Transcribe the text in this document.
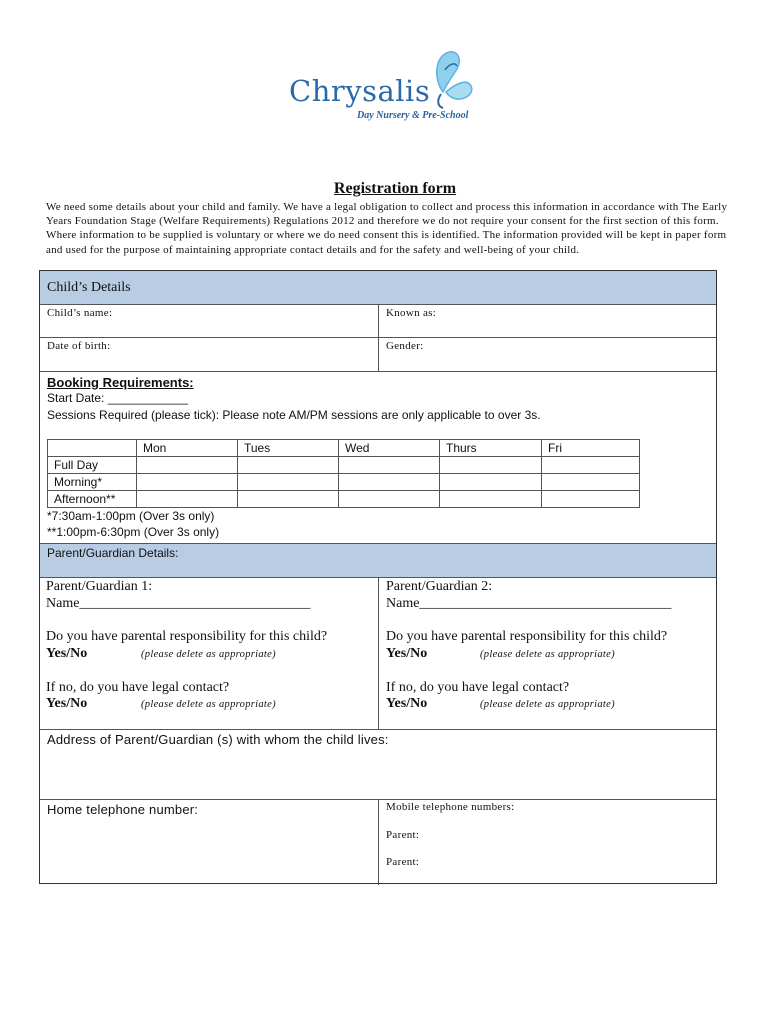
Chrysalis
Day Nursery & Pre-School
Registration form

We need some details about your child and family. We have a legal obligation to collect and process this information in accordance with The Early Years Foundation Stage (Welfare Requirements) Regulations 2012 and therefore we do not require your consent for the first section of this form. Where information to be supplied is voluntary or where we do need consent this is identified. The information provided will be kept in paper form and used for the purpose of maintaining appropriate contact details and for the safety and well-being of your child.

Child’s Details
Child’s name:	Known as:
Date of birth:	Gender:
Booking Requirements:
Start Date: ____________
Sessions Required (please tick): Please note AM/PM sessions are only applicable to over 3s.
	Mon	Tues	Wed	Thurs	Fri
Full Day					
Morning*					
Afternoon**					
*7:30am-1:00pm (Over 3s only)
**1:00pm-6:30pm (Over 3s only)
Parent/Guardian Details:
Parent/Guardian 1:
Name_________________________________
Do you have parental responsibility for this child?
Yes/No	(please delete as appropriate)
If no, do you have legal contact?
Yes/No	(please delete as appropriate)
Parent/Guardian 2:
Name____________________________________
Do you have parental responsibility for this child?
Yes/No	(please delete as appropriate)
If no, do you have legal contact?
Yes/No	(please delete as appropriate)
Address of Parent/Guardian (s) with whom the child lives:
Home telephone number:	Mobile telephone numbers:
Parent:
Parent:
